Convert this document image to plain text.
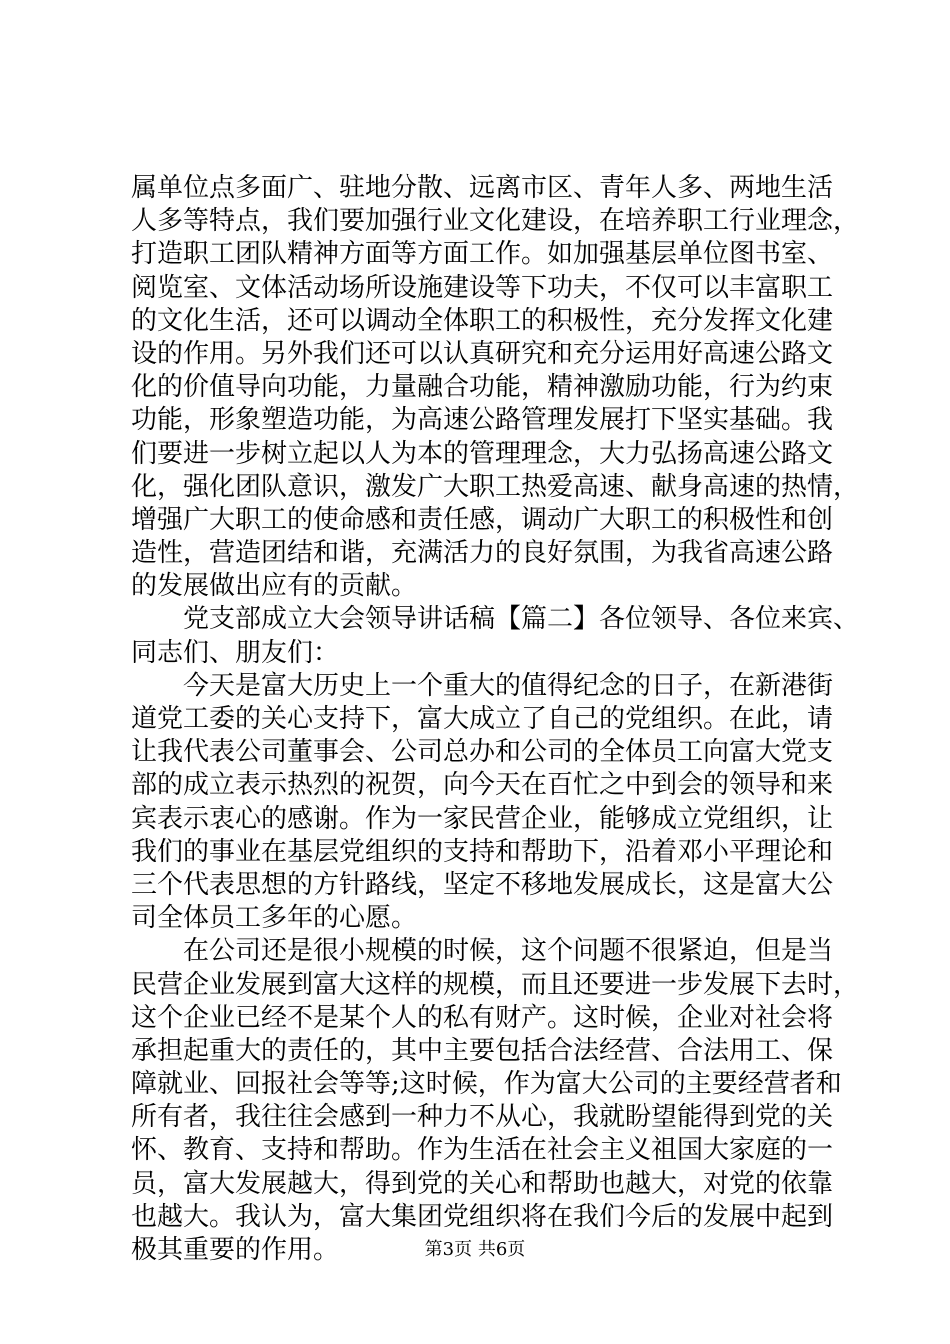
属单位点多面广、驻地分散、远离市区、青年人多、两地生活
人多等特点，我们要加强行业文化建设，在培养职工行业理念，
打造职工团队精神方面等方面工作。如加强基层单位图书室、
阅览室、文体活动场所设施建设等下功夫，不仅可以丰富职工
的文化生活，还可以调动全体职工的积极性，充分发挥文化建
设的作用。另外我们还可以认真研究和充分运用好高速公路文
化的价值导向功能，力量融合功能，精神激励功能，行为约束
功能，形象塑造功能，为高速公路管理发展打下坚实基础。我
们要进一步树立起以人为本的管理理念，大力弘扬高速公路文
化，强化团队意识，激发广大职工热爱高速、献身高速的热情，
增强广大职工的使命感和责任感，调动广大职工的积极性和创
造性，营造团结和谐，充满活力的良好氛围，为我省高速公路
的发展做出应有的贡献。
党支部成立大会领导讲话稿【篇二】各位领导、各位来宾、
同志们、朋友们：
今天是富大历史上一个重大的值得纪念的日子，在新港街
道党工委的关心支持下，富大成立了自己的党组织。在此，请
让我代表公司董事会、公司总办和公司的全体员工向富大党支
部的成立表示热烈的祝贺，向今天在百忙之中到会的领导和来
宾表示衷心的感谢。作为一家民营企业，能够成立党组织，让
我们的事业在基层党组织的支持和帮助下，沿着邓小平理论和
三个代表思想的方针路线，坚定不移地发展成长，这是富大公
司全体员工多年的心愿。
在公司还是很小规模的时候，这个问题不很紧迫，但是当
民营企业发展到富大这样的规模，而且还要进一步发展下去时，
这个企业已经不是某个人的私有财产。这时候，企业对社会将
承担起重大的责任的，其中主要包括合法经营、合法用工、保
障就业、回报社会等等;这时候，作为富大公司的主要经营者和
所有者，我往往会感到一种力不从心，我就盼望能得到党的关
怀、教育、支持和帮助。作为生活在社会主义祖国大家庭的一
员，富大发展越大，得到党的关心和帮助也越大，对党的依靠
也越大。我认为，富大集团党组织将在我们今后的发展中起到
极其重要的作用。	第3页 共6页
